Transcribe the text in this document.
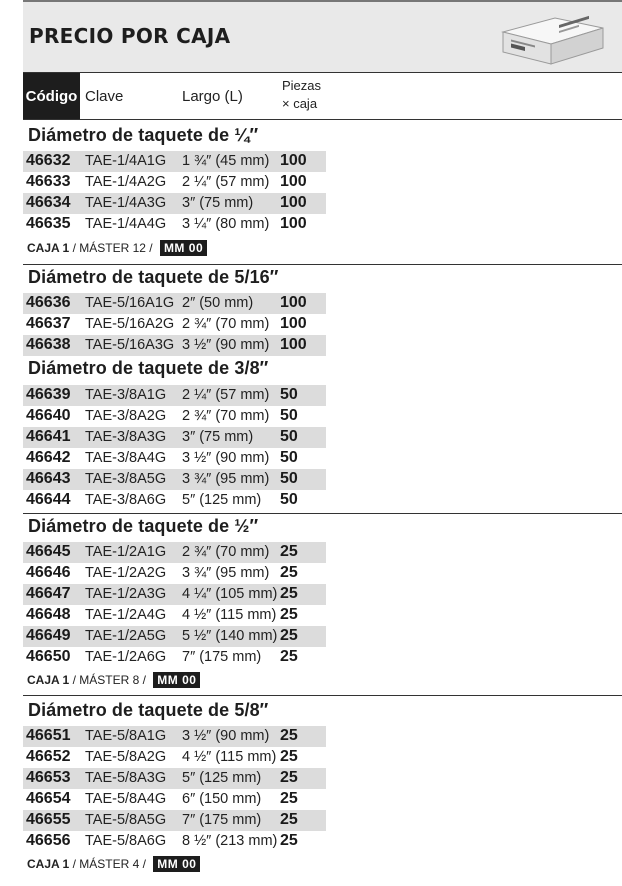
PRECIO POR CAJA
Código Clave	Largo (L)
Piezas
× caja
Diámetro de taquete de ¼″
46632 TAE-1/4A1G 1 ¾″ (45 mm) 100
46633 TAE-1/4A2G 2 ¼″ (57 mm) 100
46634 TAE-1/4A3G 3″ (75 mm) 100
46635 TAE-1/4A4G 3 ¼″ (80 mm) 100
CAJA 1 / MÁSTER 12 / MM 00
Diámetro de taquete de 5/16″
46636 TAE-5/16A1G 2″ (50 mm) 100
46637 TAE-5/16A2G 2 ¾″ (70 mm) 100
46638 TAE-5/16A3G 3 ½″ (90 mm) 100
Diámetro de taquete de 3/8″
46639 TAE-3/8A1G 2 ¼″ (57 mm) 50
46640 TAE-3/8A2G 2 ¾″ (70 mm) 50
46641 TAE-3/8A3G 3″ (75 mm) 50
46642 TAE-3/8A4G 3 ½″ (90 mm) 50
46643 TAE-3/8A5G 3 ¾″ (95 mm) 50
46644 TAE-3/8A6G 5″ (125 mm) 50
Diámetro de taquete de ½″
46645 TAE-1/2A1G 2 ¾″ (70 mm) 25
46646 TAE-1/2A2G 3 ¾″ (95 mm) 25
46647 TAE-1/2A3G 4 ¼″ (105 mm) 25
46648 TAE-1/2A4G 4 ½″ (115 mm) 25
46649 TAE-1/2A5G 5 ½″ (140 mm) 25
46650 TAE-1/2A6G 7″ (175 mm) 25
CAJA 1 / MÁSTER 8 / MM 00
Diámetro de taquete de 5/8″
46651 TAE-5/8A1G 3 ½″ (90 mm) 25
46652 TAE-5/8A2G 4 ½″ (115 mm) 25
46653 TAE-5/8A3G 5″ (125 mm) 25
46654 TAE-5/8A4G 6″ (150 mm) 25
46655 TAE-5/8A5G 7″ (175 mm) 25
46656 TAE-5/8A6G 8 ½″ (213 mm) 25
CAJA 1 / MÁSTER 4 / MM 00
